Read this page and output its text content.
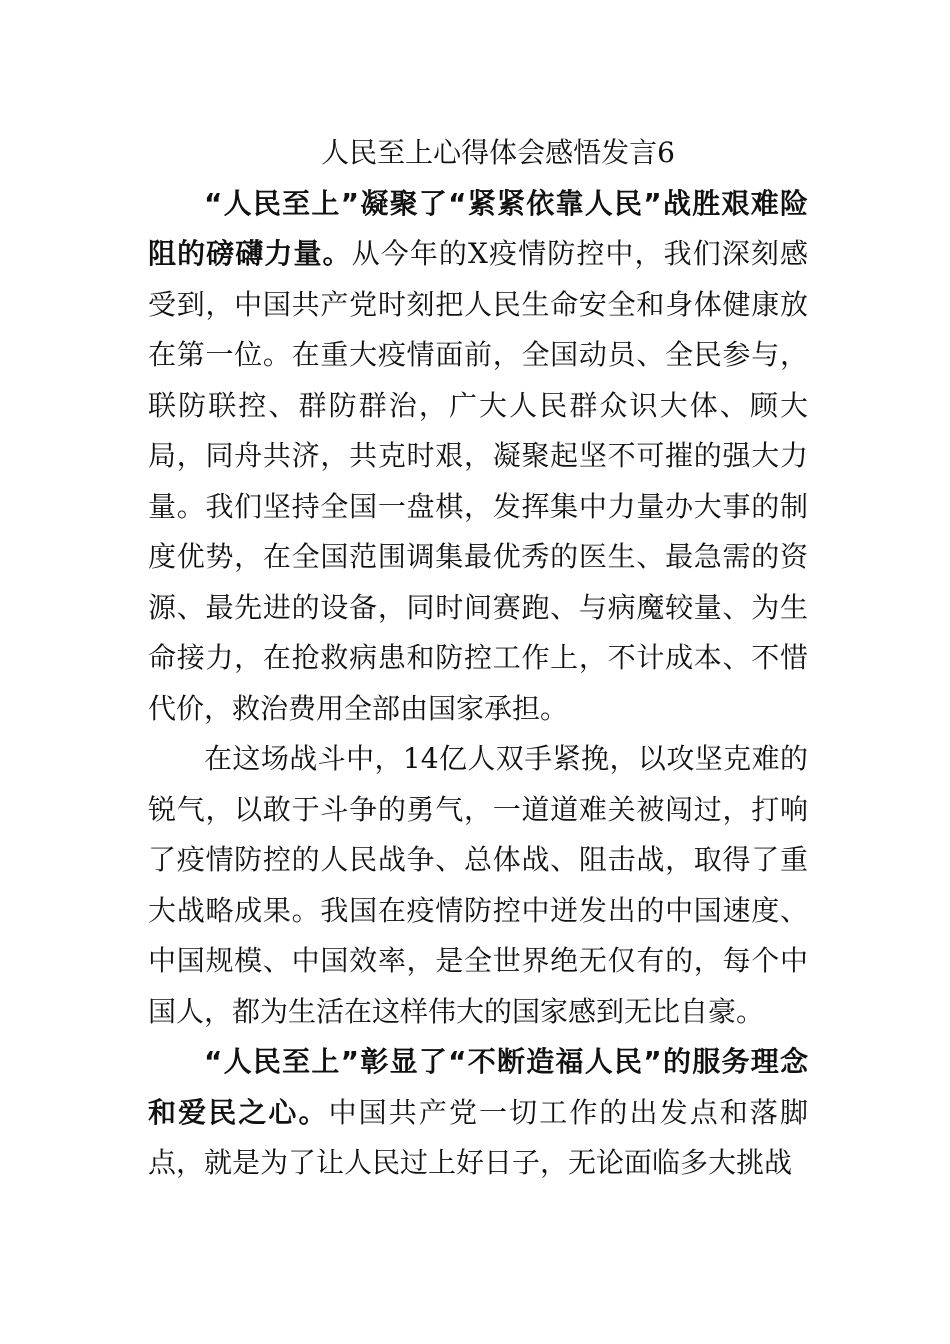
人民至上心得体会感悟发言6

“人民至上”凝聚了“紧紧依靠人民”战胜艰难险阻的磅礴力量。从今年的X疫情防控中，我们深刻感受到，中国共产党时刻把人民生命安全和身体健康放在第一位。在重大疫情面前，全国动员、全民参与，联防联控、群防群治，广大人民群众识大体、顾大局，同舟共济，共克时艰，凝聚起坚不可摧的强大力量。我们坚持全国一盘棋，发挥集中力量办大事的制度优势，在全国范围调集最优秀的医生、最急需的资源、最先进的设备，同时间赛跑、与病魔较量、为生命接力，在抢救病患和防控工作上，不计成本、不惜代价，救治费用全部由国家承担。

在这场战斗中，14亿人双手紧挽，以攻坚克难的锐气，以敢于斗争的勇气，一道道难关被闯过，打响了疫情防控的人民战争、总体战、阻击战，取得了重大战略成果。我国在疫情防控中迸发出的中国速度、中国规模、中国效率，是全世界绝无仅有的，每个中国人，都为生活在这样伟大的国家感到无比自豪。

“人民至上”彰显了“不断造福人民”的服务理念和爱民之心。中国共产党一切工作的出发点和落脚点，就是为了让人民过上好日子，无论面临多大挑战
